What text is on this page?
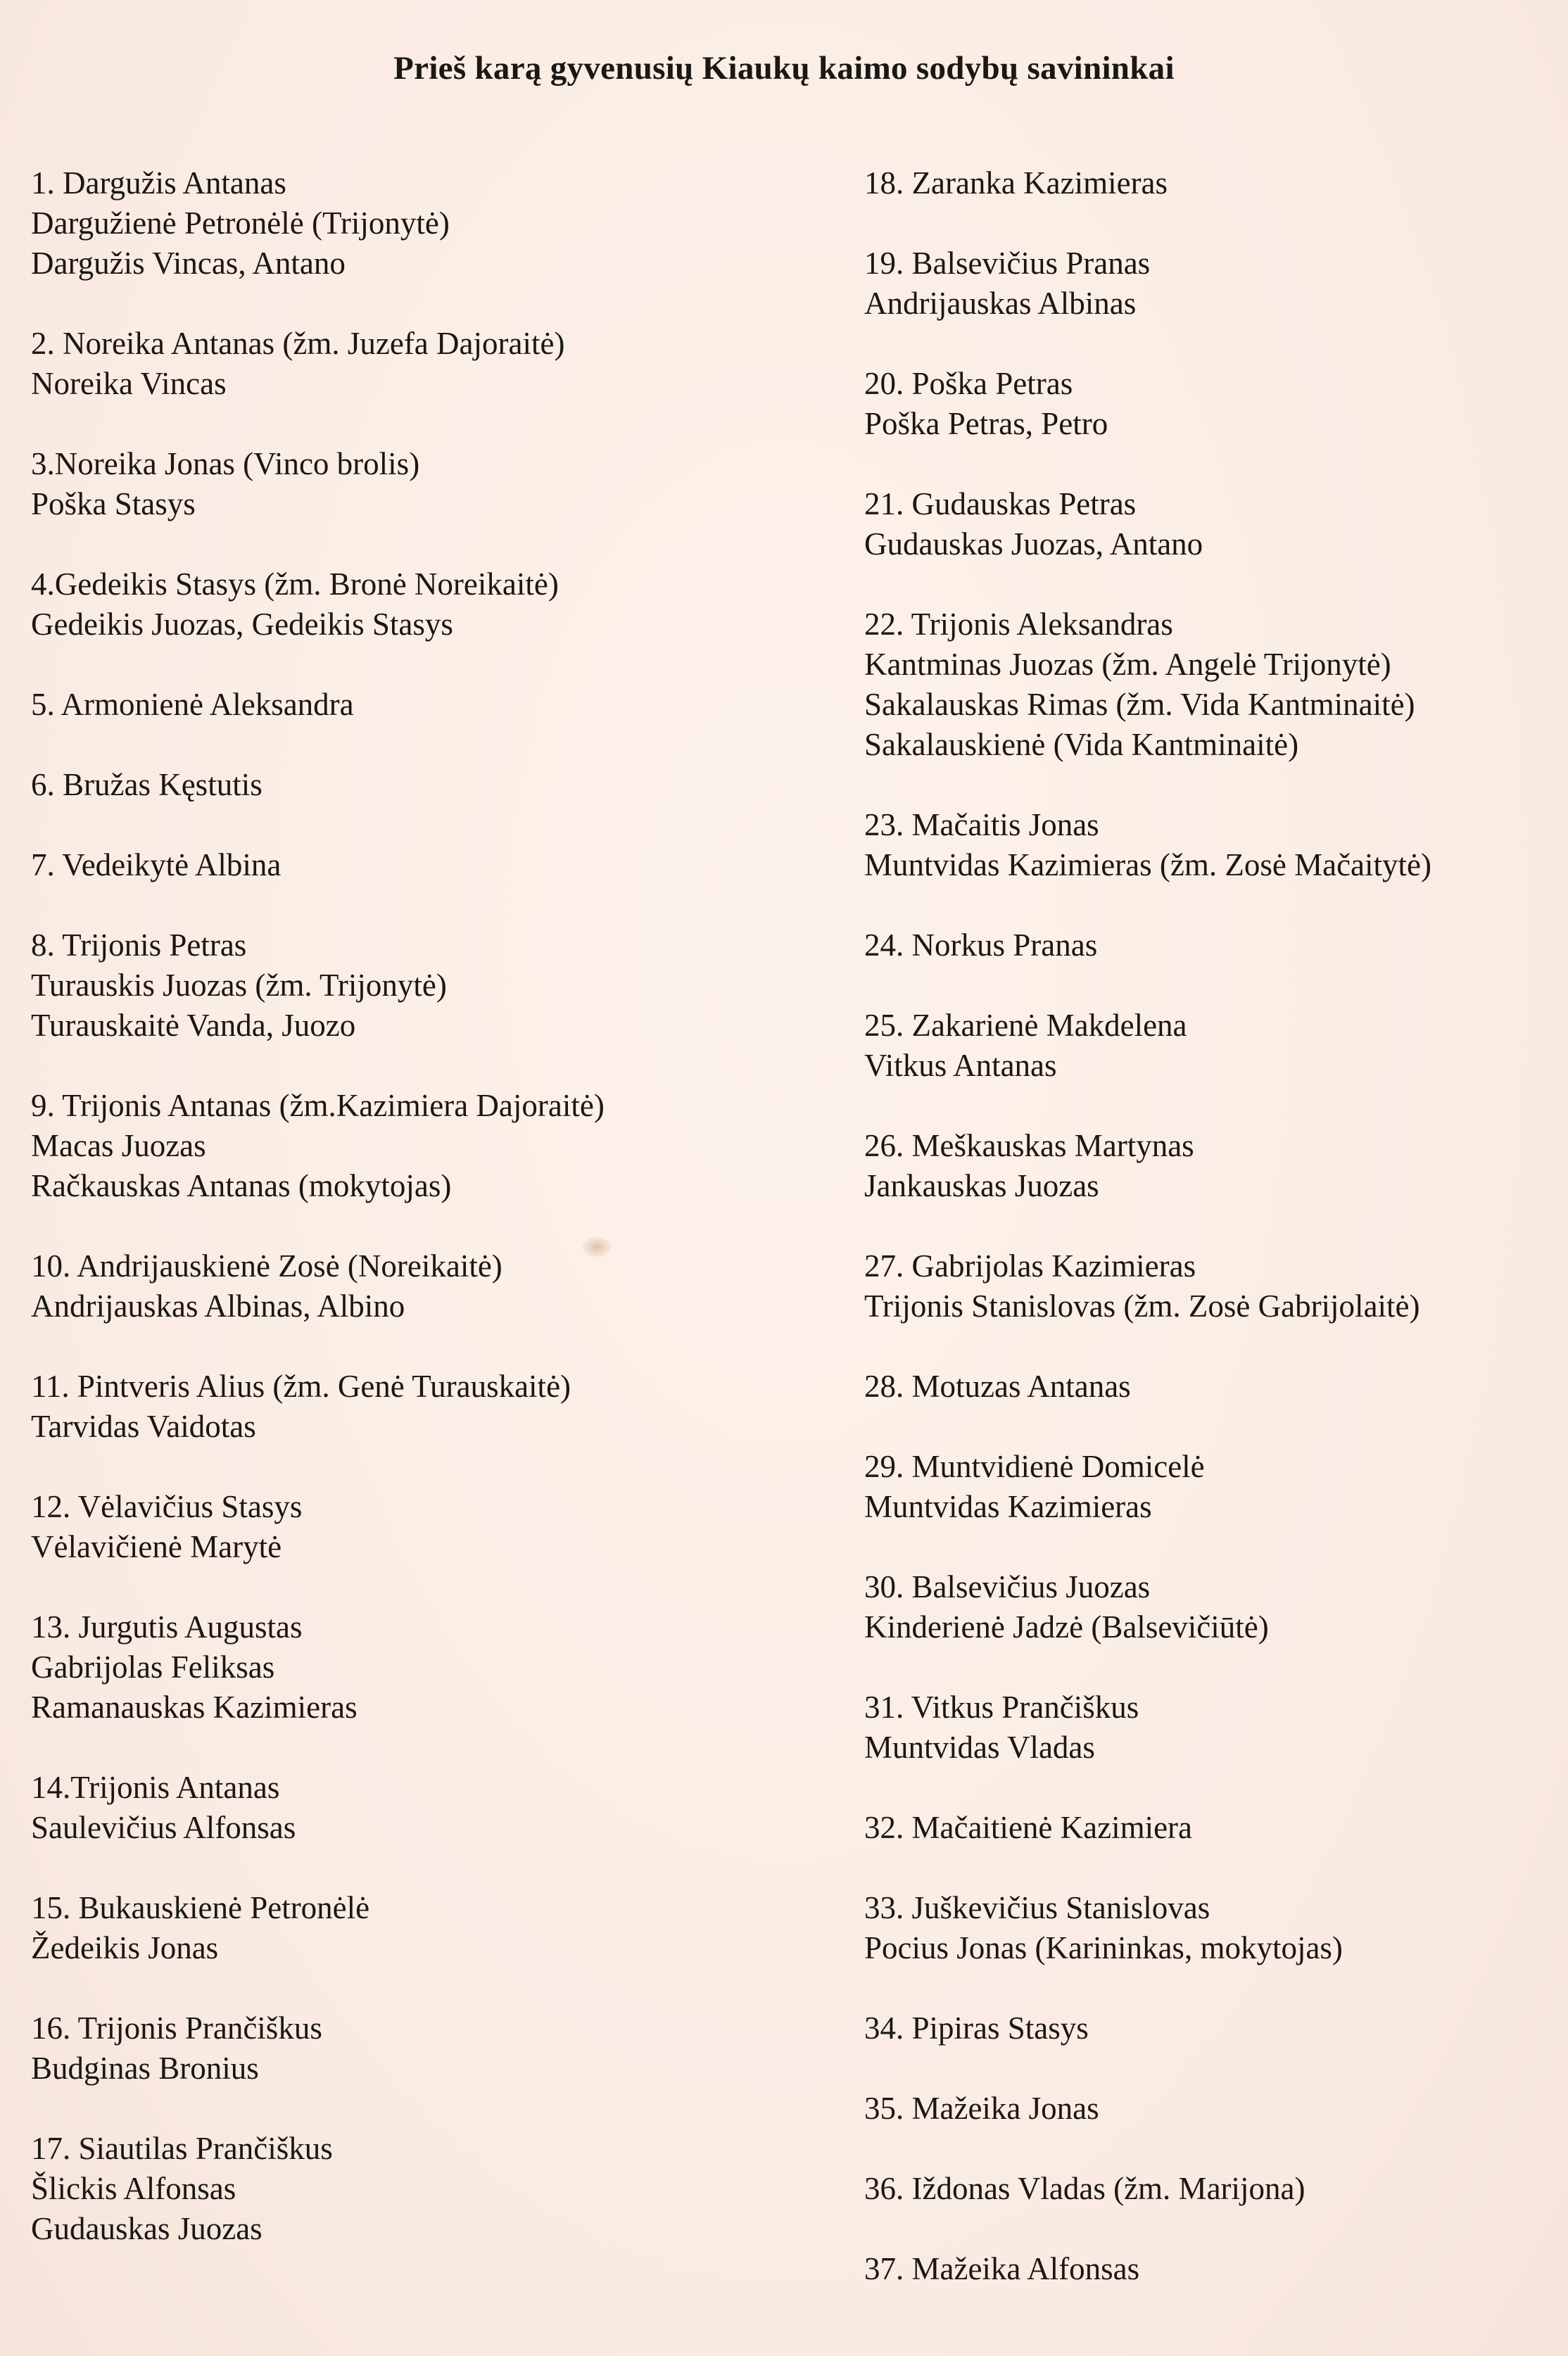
Prieš karą gyvenusių Kiaukų kaimo sodybų savininkai
1. Dargužis Antanas
Dargužienė Petronėlė (Trijonytė)
Dargužis Vincas, Antano
2. Noreika Antanas (žm. Juzefa Dajoraitė)
Noreika Vincas
3.Noreika Jonas (Vinco brolis)
Poška Stasys
4.Gedeikis Stasys (žm. Bronė Noreikaitė)
Gedeikis Juozas, Gedeikis Stasys
5. Armonienė Aleksandra
6. Bružas Kęstutis
7. Vedeikytė Albina
8. Trijonis Petras
Turauskis Juozas (žm. Trijonytė)
Turauskaitė Vanda, Juozo
9. Trijonis Antanas (žm.Kazimiera Dajoraitė)
Macas Juozas
Račkauskas Antanas (mokytojas)
10. Andrijauskienė Zosė (Noreikaitė)
Andrijauskas Albinas, Albino
11. Pintveris Alius (žm. Genė Turauskaitė)
Tarvidas Vaidotas
12. Vėlavičius Stasys
Vėlavičienė Marytė
13. Jurgutis Augustas
Gabrijolas Feliksas
Ramanauskas Kazimieras
14.Trijonis Antanas
Saulevičius Alfonsas
15. Bukauskienė Petronėlė
Žedeikis Jonas
16. Trijonis Prančiškus
Budginas Bronius
17. Siautilas Prančiškus
Šlickis Alfonsas
Gudauskas Juozas
18. Zaranka Kazimieras
19. Balsevičius Pranas
Andrijauskas Albinas
20. Poška Petras
Poška Petras, Petro
21. Gudauskas Petras
Gudauskas Juozas, Antano
22. Trijonis Aleksandras
Kantminas Juozas (žm. Angelė Trijonytė)
Sakalauskas Rimas (žm. Vida Kantminaitė)
Sakalauskienė (Vida Kantminaitė)
23. Mačaitis Jonas
Muntvidas Kazimieras (žm. Zosė Mačaitytė)
24. Norkus Pranas
25. Zakarienė Makdelena
Vitkus Antanas
26. Meškauskas Martynas
Jankauskas Juozas
27. Gabrijolas Kazimieras
Trijonis Stanislovas (žm. Zosė Gabrijolaitė)
28. Motuzas Antanas
29. Muntvidienė Domicelė
Muntvidas Kazimieras
30. Balsevičius Juozas
Kinderienė Jadzė (Balsevičiūtė)
31. Vitkus Prančiškus
Muntvidas Vladas
32. Mačaitienė Kazimiera
33. Juškevičius Stanislovas
Pocius Jonas (Karininkas, mokytojas)
34. Pipiras Stasys
35. Mažeika Jonas
36. Iždonas Vladas (žm. Marijona)
37. Mažeika Alfonsas
